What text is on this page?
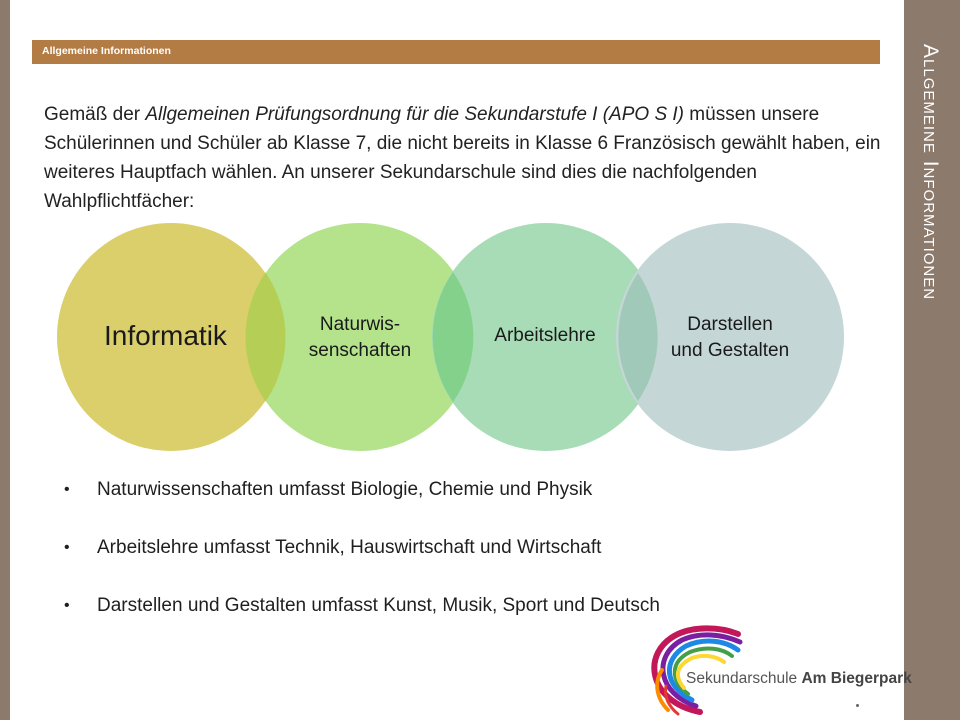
Allgemeine Informationen
Allgemeine Informationen
Gemäß der Allgemeinen Prüfungsordnung für die Sekundarstufe I (APO S I) müssen unsere Schülerinnen und Schüler ab Klasse 7, die nicht bereits in Klasse 6 Französisch gewählt haben, ein weiteres Hauptfach wählen. An unserer Sekundarschule sind dies die nachfolgenden Wahlpflichtfächer:
Informatik	Naturwis-
senschaften
Arbeitslehre
Darstellen
und Gestalten
• Naturwissenschaften umfasst Biologie, Chemie und Physik
• Arbeitslehre umfasst Technik, Hauswirtschaft und Wirtschaft
• Darstellen und Gestalten umfasst Kunst, Musik, Sport und Deutsch
Sekundarschule Am Biegerpark
